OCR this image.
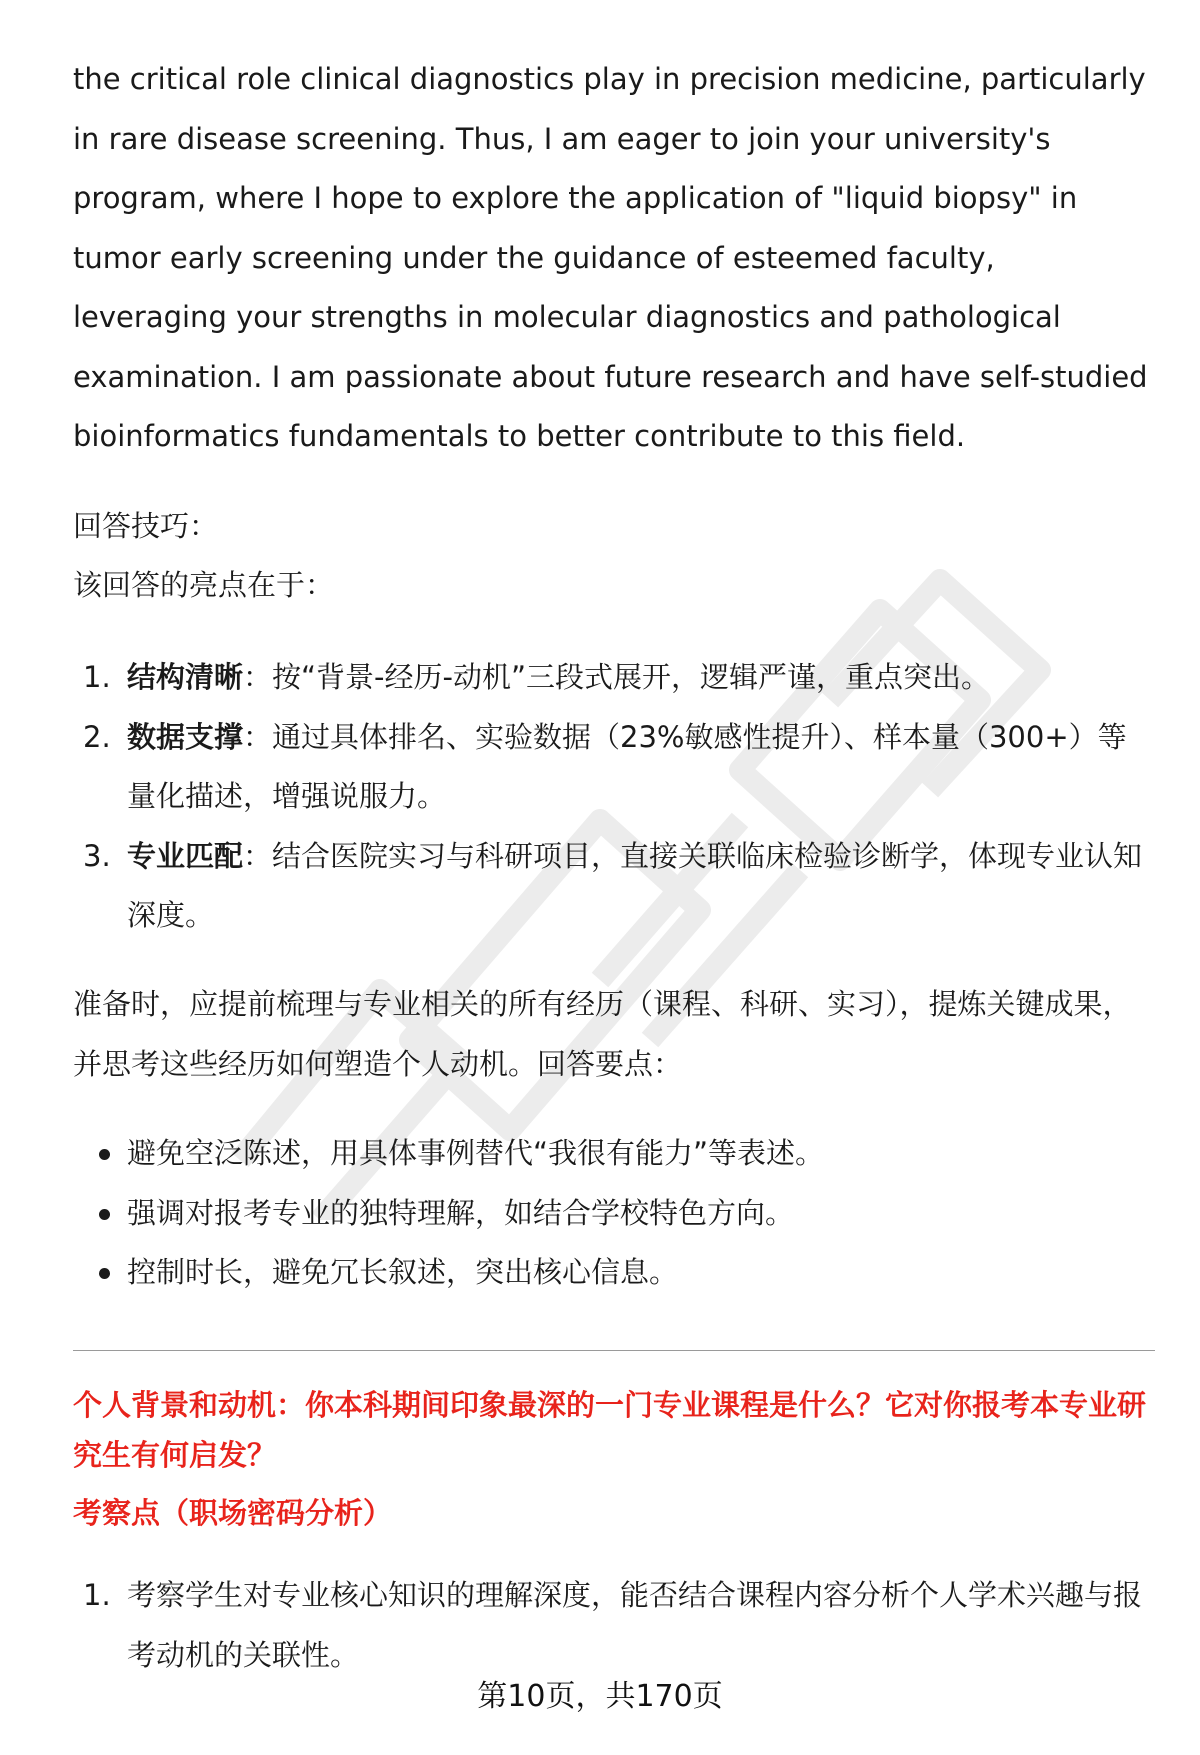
the critical role clinical diagnostics play in precision medicine, particularly in rare disease screening. Thus, I am eager to join your university's program, where I hope to explore the application of "liquid biopsy" in tumor early screening under the guidance of esteemed faculty, leveraging your strengths in molecular diagnostics and pathological examination. I am passionate about future research and have self-studied bioinformatics fundamentals to better contribute to this field.

回答技巧：

该回答的亮点在于：

1. 结构清晰：按“背景-经历-动机”三段式展开，逻辑严谨，重点突出。
2. 数据支撑：通过具体排名、实验数据（23%敏感性提升）、样本量（300+）等量化描述，增强说服力。
3. 专业匹配：结合医院实习与科研项目，直接关联临床检验诊断学，体现专业认知深度。

准备时，应提前梳理与专业相关的所有经历（课程、科研、实习），提炼关键成果，并思考这些经历如何塑造个人动机。回答要点：

避免空泛陈述，用具体事例替代“我很有能力”等表述。
强调对报考专业的独特理解，如结合学校特色方向。
控制时长，避免冗长叙述，突出核心信息。

个人背景和动机：你本科期间印象最深的一门专业课程是什么？它对你报考本专业研究生有何启发？

考察点（职场密码分析）

1. 考察学生对专业核心知识的理解深度，能否结合课程内容分析个人学术兴趣与报考动机的关联性。
第10页，共170页
